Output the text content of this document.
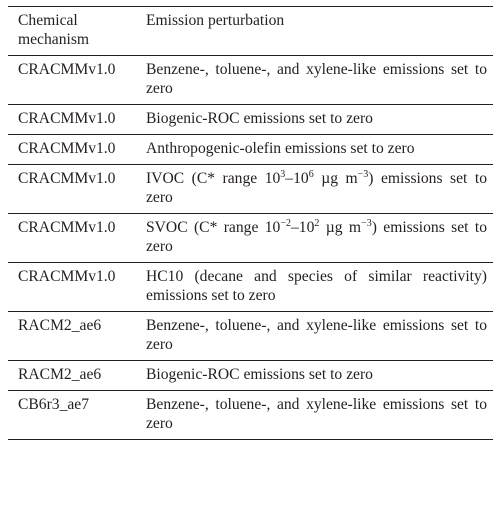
Chemical mechanism	Emission perturbation
CRACMMv1.0	Benzene-, toluene-, and xylene-like emissions set to zero
CRACMMv1.0	Biogenic-ROC emissions set to zero
CRACMMv1.0	Anthropogenic-olefin emissions set to zero
CRACMMv1.0	IVOC (C* range $10^3-10^6$ µg $m^{-3}$) emissions set to zero
CRACMMv1.0	SVOC (C* range $10^{-2}-10^2$ µg $m^{-3}$) emissions set to zero
CRACMMv1.0	HC10 (decane and species of similar reactivity) emissions set to zero
RACM2_ae6	Benzene-, toluene-, and xylene-like emissions set to zero
RACM2_ae6	Biogenic-ROC emissions set to zero
CB6r3_ae7	Benzene-, toluene-, and xylene-like emissions set to zero
